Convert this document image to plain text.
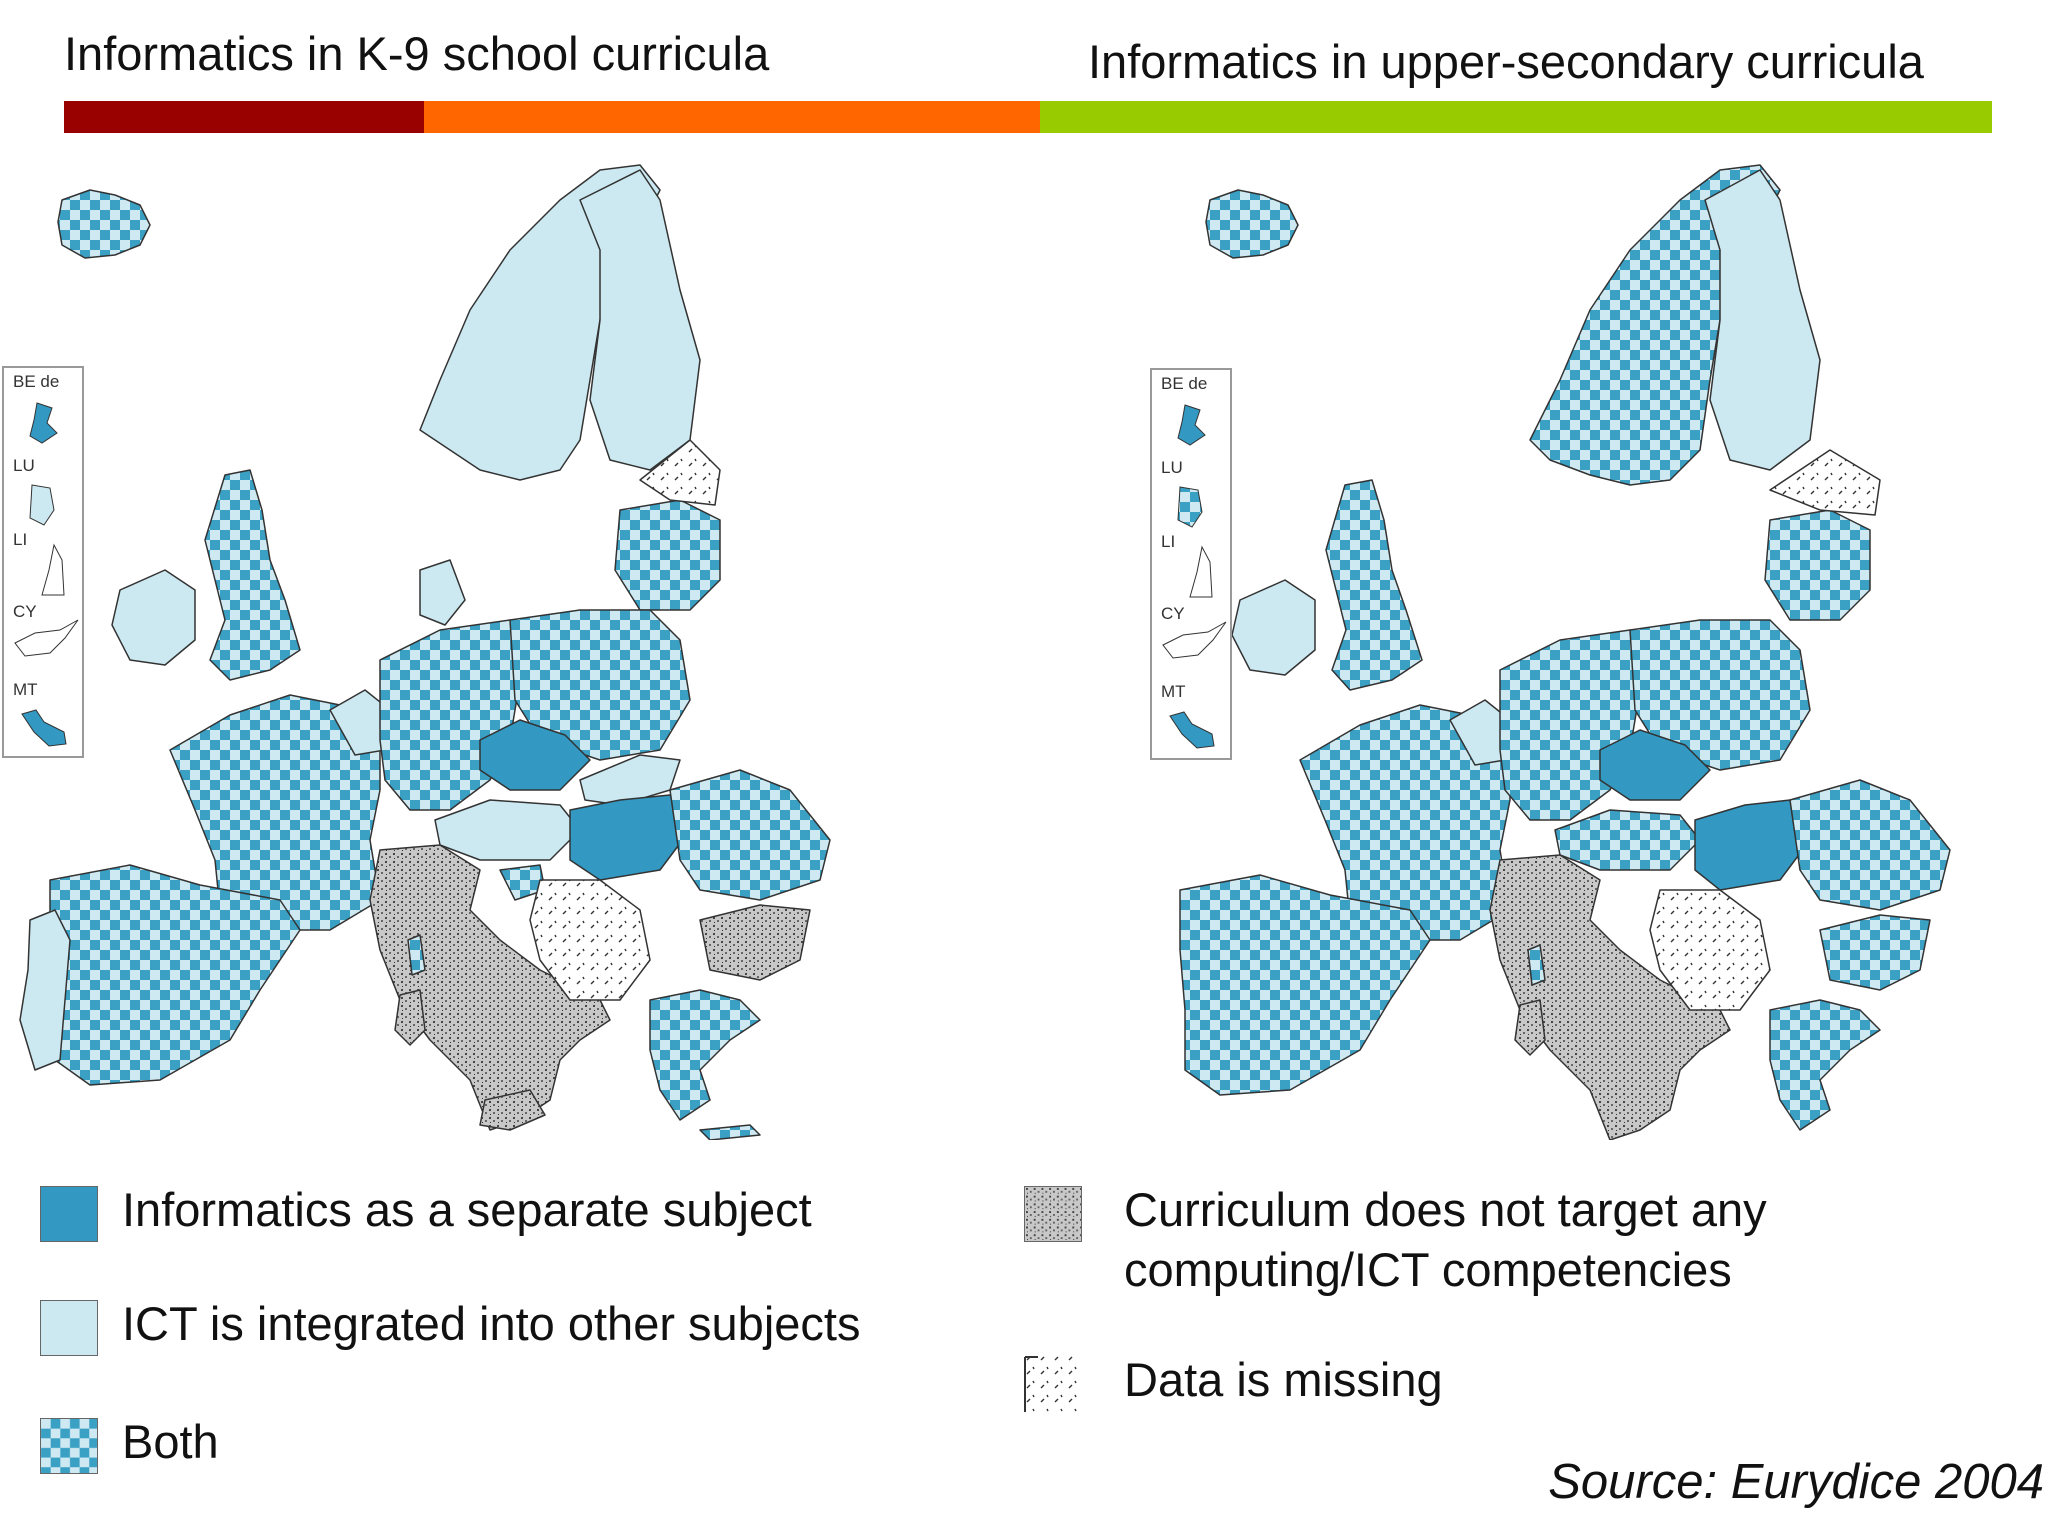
Informatics in K-9 school curricula	Informatics in upper-secondary curricula
BE de
LU
LI
CY
MT
BE de
LU
LI
CY
MT
Informatics as a separate subject
ICT is integrated into other subjects
Both
Curriculum does not target any computing/ICT competencies
Data is missing
Source: Eurydice 2004
